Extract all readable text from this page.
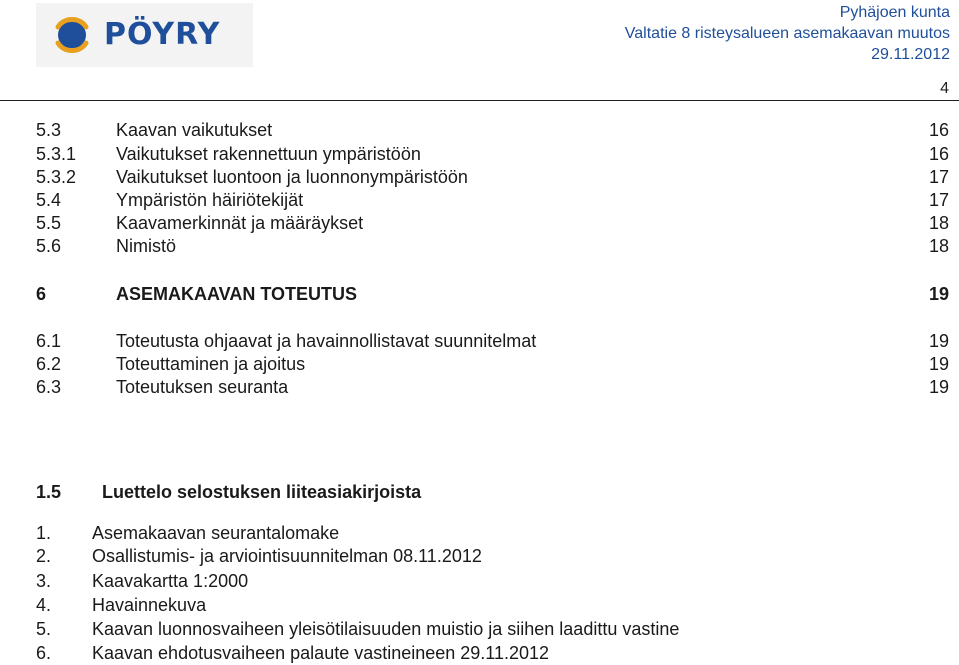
PÖYRY
Pyhäjoen kunta
Valtatie 8 risteysalueen asemakaavan muutos
29.11.2012
4
5.3	Kaavan vaikutukset	16
5.3.1 Vaikutukset rakennettuun ympäristöön	16
5.3.2 Vaikutukset luontoon ja luonnonympäristöön	17
5.4	Ympäristön häiriötekijät	17
5.5	Kaavamerkinnät ja määräykset	18
5.6	Nimistö	18
6	ASEMAKAAVAN TOTEUTUS	19
6.1	Toteutusta ohjaavat ja havainnollistavat suunnitelmat	19
6.2	Toteuttaminen ja ajoitus	19
6.3	Toteutuksen seuranta	19
1.5 Luettelo selostuksen liiteasiakirjoista
1. Asemakaavan seurantalomake
2. Osallistumis- ja arviointisuunnitelman 08.11.2012
3. Kaavakartta 1:2000
4. Havainnekuva
5. Kaavan luonnosvaiheen yleisötilaisuuden muistio ja siihen laadittu vastine
6. Kaavan ehdotusvaiheen palaute vastineineen 29.11.2012
